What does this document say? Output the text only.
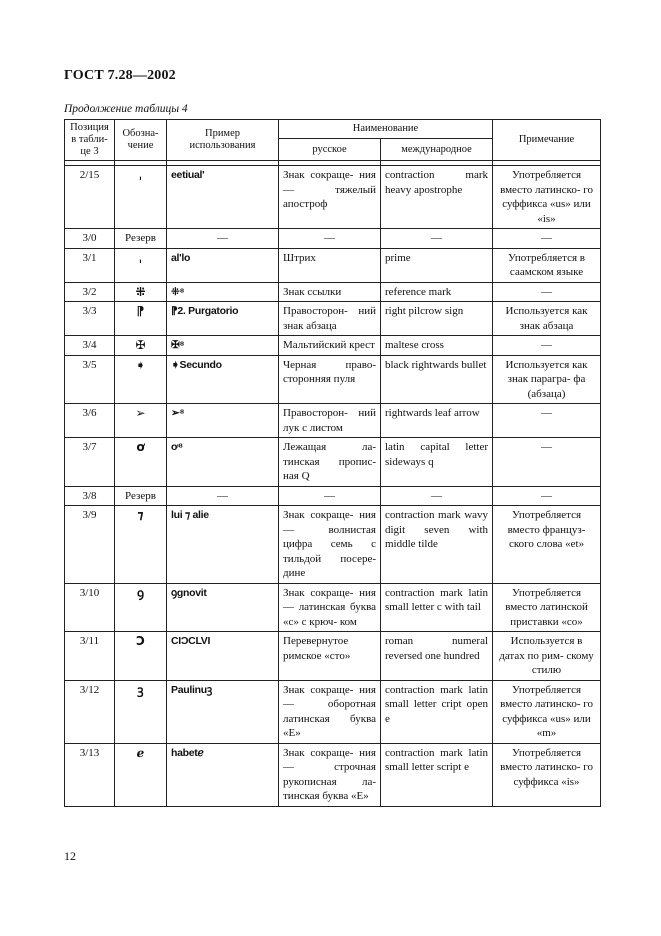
ГОСТ 7.28—2002
Продолжение таблицы 4
Позиция в табли- це 3	Обозна- чение	Пример использования	Наименование		Примечание
			русское	международное	

2/15	ˌ	eetiual'	Знак сокраще- ния — тяжелый апостроф	contraction mark heavy apostrophe	Употребляется вместо латинско- го суффикса «us» или «is»
3/0	Резерв	—	—	—	—
3/1	ˌ	al'lo	Штрих	prime	Употребляется в саамском языке
3/2	⁜	⁜⁸	Знак ссылки	reference mark	—
3/3	⁋	⁋2. Purgatorio	Правосторон- ний знак абзаца	right pilcrow sign	Используется как знак абзаца
3/4	✠	✠⁸	Мальтийский крест	maltese cross	—
3/5	➧	➧Secundo	Черная право- сторонняя пуля	black rightwards bullet	Используется как знак парагра- фа (абзаца)
3/6	➢	➢⁸	Правосторон- ний лук с листом	rightwards leaf arrow	—
3/7	ơ	ơ⁸	Лежащая ла- тинская пропис- ная Q	latin capital letter sideways q	—
3/8	Резерв	—	—	—	—
3/9	⁊	lui ⁊ alie	Знак сокраще- ния — волнистая цифра семь с тильдой посере- дине	contraction mark wavy digit seven with middle tilde	Употребляется вместо француз- ского слова «et»
3/10	ꝯ	ꝯgnovit	Знак сокраще- ния — латинская буква «c» с крюч- ком	contraction mark latin small letter c with tail	Употребляется вместо латинской приставки «co»
3/11	Ɔ	CIƆCLVI	Перевернутое римское «сто»	roman numeral reversed one hundred	Используется в датах по рим- скому стилю
3/12	ꝫ	Paulinuꝫ	Знак сокраще- ния — оборотная латинская буква «E»	contraction mark latin small letter cript open e	Употребляется вместо латинско- го суффикса «us» или «m»
3/13	ℯ	habetℯ	Знак сокраще- ния — строчная рукописная ла- тинская буква «E»	contraction mark latin small letter script e	Употребляется вместо латинско- го суффикса «is»
12
